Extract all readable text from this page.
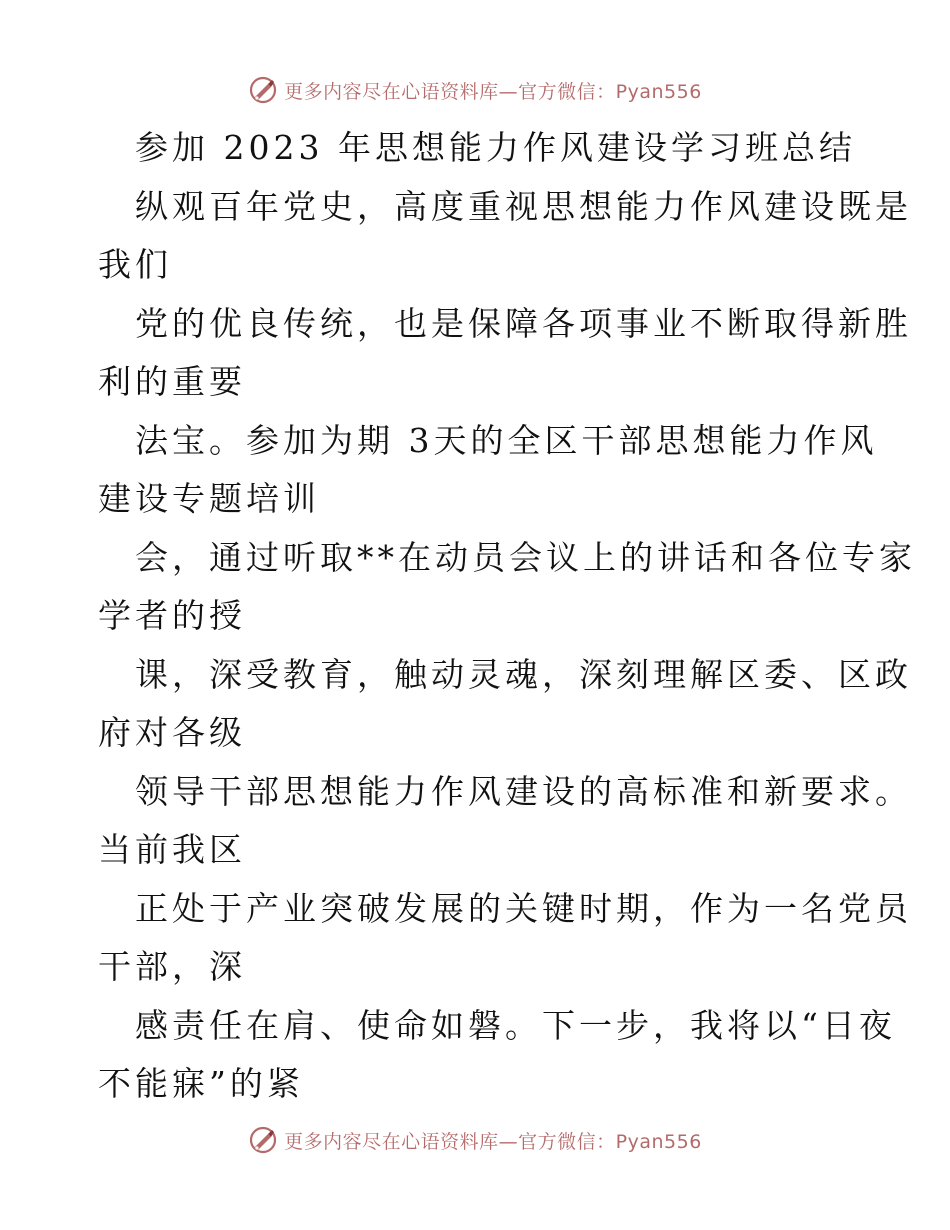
更多内容尽在心语资料库—官方微信：Pyan556
参加 2023 年思想能力作风建设学习班总结
纵观百年党史，高度重视思想能力作风建设既是
我们
党的优良传统，也是保障各项事业不断取得新胜
利的重要
法宝。参加为期 3天的全区干部思想能力作风
建设专题培训
会，通过听取**在动员会议上的讲话和各位专家
学者的授
课，深受教育，触动灵魂，深刻理解区委、区政
府对各级
领导干部思想能力作风建设的高标准和新要求。
当前我区
正处于产业突破发展的关键时期，作为一名党员
干部，深
感责任在肩、使命如磐。下一步，我将以“日夜
不能寐”的紧
更多内容尽在心语资料库—官方微信：Pyan556
